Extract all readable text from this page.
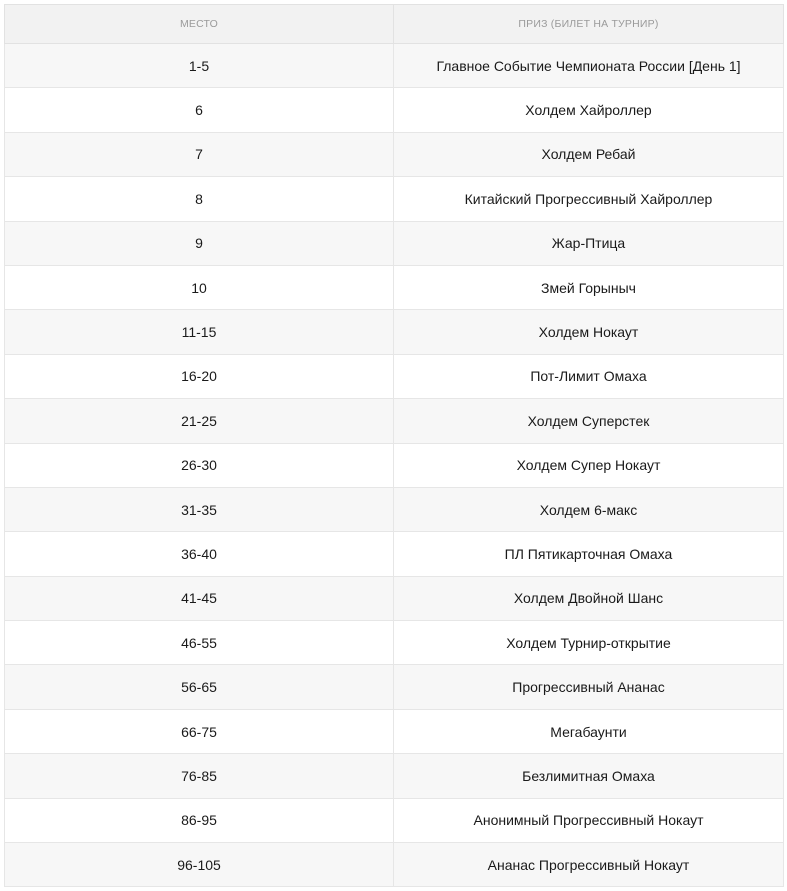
МЕСТО	ПРИЗ (БИЛЕТ НА ТУРНИР)
1-5	Главное Событие Чемпионата России [День 1]
6	Холдем Хайроллер
7	Холдем Ребай
8	Китайский Прогрессивный Хайроллер
9	Жар-Птица
10	Змей Горыныч
11-15	Холдем Нокаут
16-20	Пот-Лимит Омаха
21-25	Холдем Суперстек
26-30	Холдем Супер Нокаут
31-35	Холдем 6-макс
36-40	ПЛ Пятикарточная Омаха
41-45	Холдем Двойной Шанс
46-55	Холдем Турнир-открытие
56-65	Прогрессивный Ананас
66-75	Мегабаунти
76-85	Безлимитная Омаха
86-95	Анонимный Прогрессивный Нокаут
96-105	Ананас Прогрессивный Нокаут
